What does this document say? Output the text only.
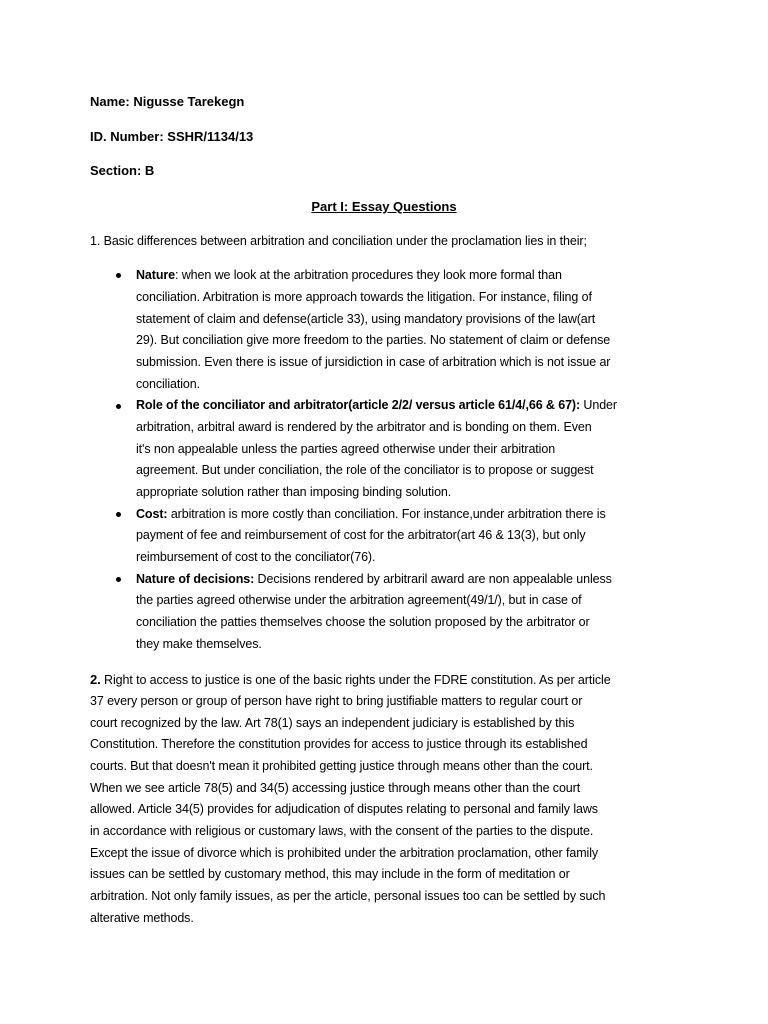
Name: Nigusse Tarekegn
ID. Number: SSHR/1134/13
Section: B
Part I: Essay Questions
1. Basic differences between arbitration and conciliation under the proclamation lies in their;
Nature: when we look at the arbitration procedures they look more formal than
conciliation. Arbitration is more approach towards the litigation. For instance, filing of
statement of claim and defense(article 33), using mandatory provisions of the law(art
29). But conciliation give more freedom to the parties. No statement of claim or defense
submission. Even there is issue of jursidiction in case of arbitration which is not issue ar
conciliation.
Role of the conciliator and arbitrator(article 2/2/ versus article 61/4/,66 & 67): Under
arbitration, arbitral award is rendered by the arbitrator and is bonding on them. Even
it's non appealable unless the parties agreed otherwise under their arbitration
agreement. But under conciliation, the role of the conciliator is to propose or suggest
appropriate solution rather than imposing binding solution.
Cost: arbitration is more costly than conciliation. For instance,under arbitration there is
payment of fee and reimbursement of cost for the arbitrator(art 46 & 13(3), but only
reimbursement of cost to the conciliator(76).
Nature of decisions: Decisions rendered by arbitraril award are non appealable unless
the parties agreed otherwise under the arbitration agreement(49/1/), but in case of
conciliation the patties themselves choose the solution proposed by the arbitrator or
they make themselves.
2. Right to access to justice is one of the basic rights under the FDRE constitution. As per article
37 every person or group of person have right to bring justifiable matters to regular court or
court recognized by the law. Art 78(1) says an independent judiciary is established by this
Constitution. Therefore the constitution provides for access to justice through its established
courts. But that doesn't mean it prohibited getting justice through means other than the court.
When we see article 78(5) and 34(5) accessing justice through means other than the court
allowed. Article 34(5) provides for adjudication of disputes relating to personal and family laws
in accordance with religious or customary laws, with the consent of the parties to the dispute.
Except the issue of divorce which is prohibited under the arbitration proclamation, other family
issues can be settled by customary method, this may include in the form of meditation or
arbitration. Not only family issues, as per the article, personal issues too can be settled by such
alterative methods.
